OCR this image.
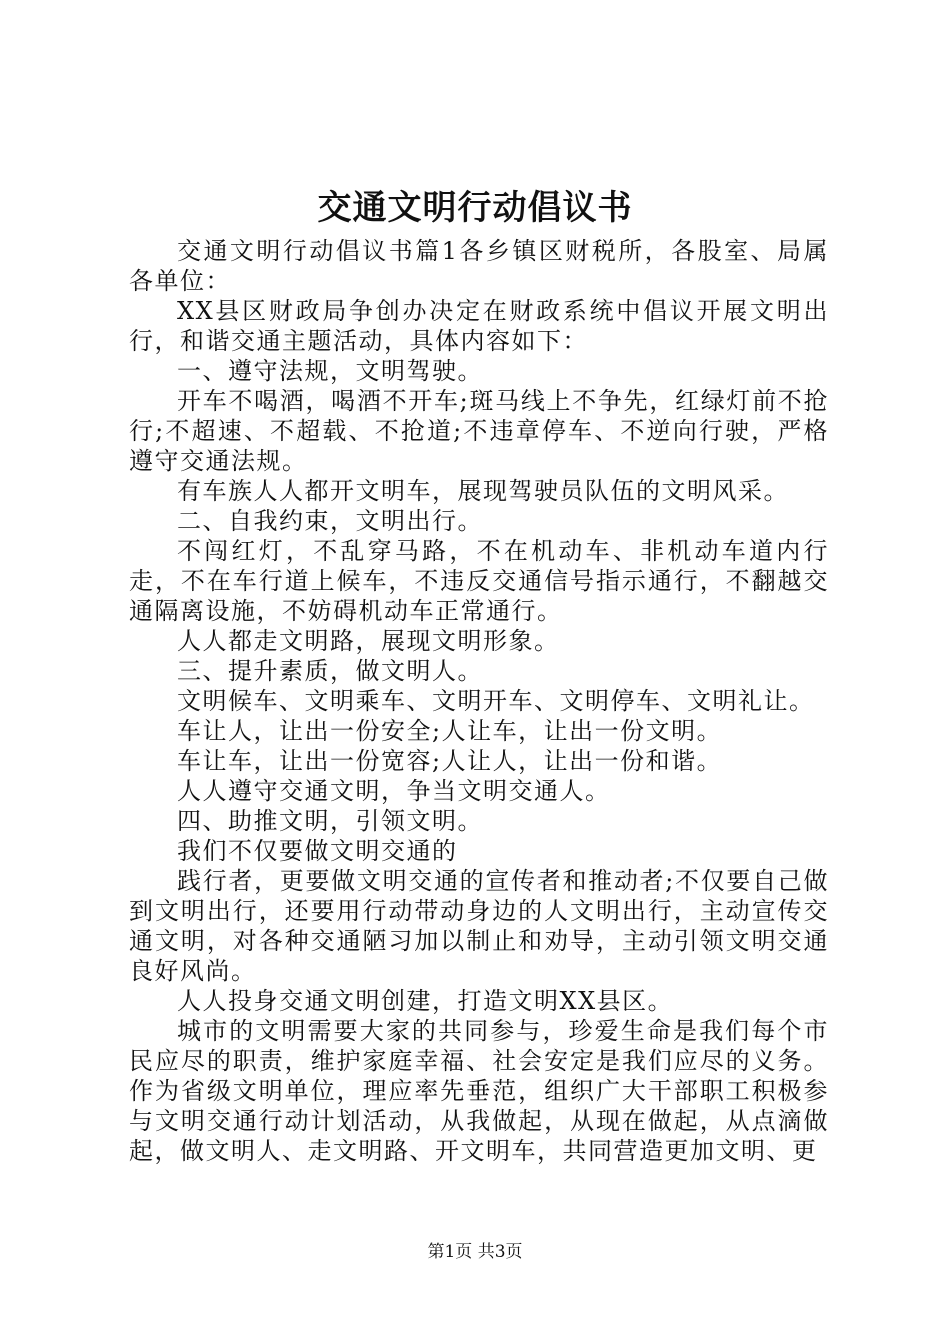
交通文明行动倡议书

交通文明行动倡议书篇1各乡镇区财税所，各股室、局属各单位：

XX县区财政局争创办决定在财政系统中倡议开展文明出行，和谐交通主题活动，具体内容如下：

一、遵守法规，文明驾驶。

开车不喝酒，喝酒不开车;斑马线上不争先，红绿灯前不抢行;不超速、不超载、不抢道;不违章停车、不逆向行驶，严格遵守交通法规。

有车族人人都开文明车，展现驾驶员队伍的文明风采。

二、自我约束，文明出行。

不闯红灯，不乱穿马路，不在机动车、非机动车道内行走，不在车行道上候车，不违反交通信号指示通行，不翻越交通隔离设施，不妨碍机动车正常通行。

人人都走文明路，展现文明形象。

三、提升素质，做文明人。

文明候车、文明乘车、文明开车、文明停车、文明礼让。

车让人，让出一份安全;人让车，让出一份文明。

车让车，让出一份宽容;人让人，让出一份和谐。

人人遵守交通文明，争当文明交通人。

四、助推文明，引领文明。

我们不仅要做文明交通的

践行者，更要做文明交通的宣传者和推动者;不仅要自己做到文明出行，还要用行动带动身边的人文明出行，主动宣传交通文明，对各种交通陋习加以制止和劝导，主动引领文明交通良好风尚。

人人投身交通文明创建，打造文明XX县区。

城市的文明需要大家的共同参与，珍爱生命是我们每个市民应尽的职责，维护家庭幸福、社会安定是我们应尽的义务。作为省级文明单位，理应率先垂范，组织广大干部职工积极参与文明交通行动计划活动，从我做起，从现在做起，从点滴做起，做文明人、走文明路、开文明车，共同营造更加文明、更

第1页 共3页
